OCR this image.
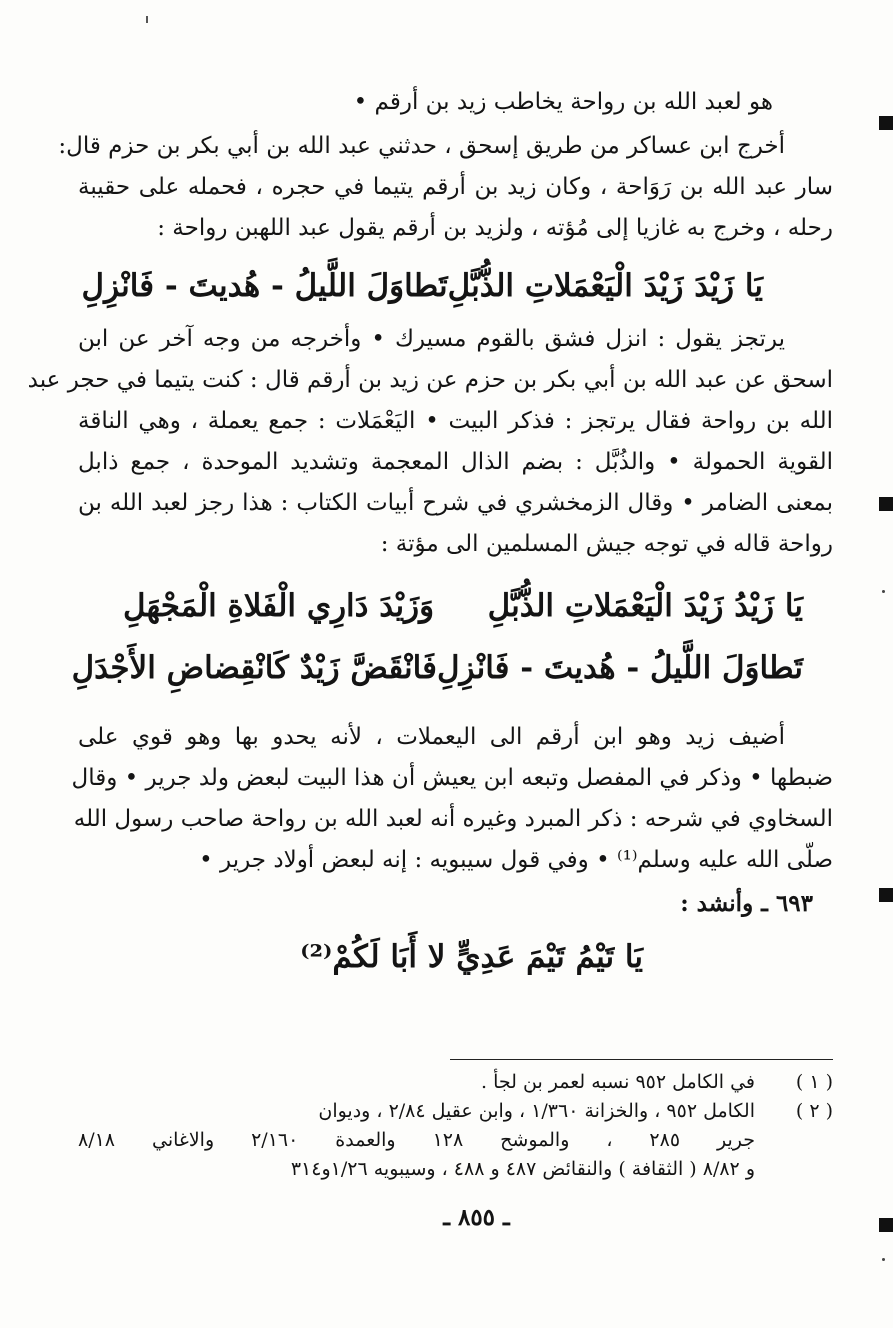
هو لعبد الله بن رواحة يخاطب زيد بن أرقم •
أخرج ابن عساكر من طريق إسحق ، حدثني عبد الله بن أبي بكر بن حزم قال:
سار عبد الله بن رَوَاحة ، وكان زيد بن أرقم يتيما في حجره ، فحمله على حقيبة
رحله ، وخرج به غازيا إلى مُؤته ، ولزيد بن أرقم يقول عبد اللهبن رواحة :
يَا زَيْدَ زَيْدَ الْيَعْمَلاتِ الذُّبَّلِ
تَطاوَلَ اللَّيلُ - هُديتَ - فَانْزِلِ
يرتجز يقول : انزل فشق بالقوم مسيرك • وأخرجه من وجه آخر عن ابن
اسحق عن عبد الله بن أبي بكر بن حزم عن زيد بن أرقم قال : كنت يتيما في حجر عبد
الله بن رواحة فقال يرتجز : فذكر البيت • اليَعْمَلات : جمع يعملة ، وهي الناقة
القوية الحمولة • والذُبَّل : بضم الذال المعجمة وتشديد الموحدة ، جمع ذابل
بمعنى الضامر • وقال الزمخشري في شرح أبيات الكتاب : هذا رجز لعبد الله بن
رواحة قاله في توجه جيش المسلمين الى مؤتة :
يَا زَيْدُ زَيْدَ الْيَعْمَلاتِ الذُّبَّلِ
وَزَيْدَ دَارِي الْفَلاةِ الْمَجْهَلِ
تَطاوَلَ اللَّيلُ - هُديتَ - فَانْزِلِ
فَانْقَضَّ زَيْدٌ كَانْقِضاضِ الأَجْدَلِ
أضيف زيد وهو ابن أرقم الى اليعملات ، لأنه يحدو بها وهو قوي على
ضبطها • وذكر في المفصل وتبعه ابن يعيش أن هذا البيت لبعض ولد جرير • وقال
السخاوي في شرحه : ذكر المبرد وغيره أنه لعبد الله بن رواحة صاحب رسول الله
صلّى الله عليه وسلم⁽¹⁾ • وفي قول سيبويه : إنه لبعض أولاد جرير •
٦٩٣ ـ وأنشد :
يَا تَيْمُ تَيْمَ عَدِيٍّ لا أَبَا لَكُمْ⁽²⁾
( ١ )
في الكامل ٩٥٢ نسبه لعمر بن لجأ .
( ٢ )
الكامل ٩٥٢ ، والخزانة ١/٣٦٠ ، وابن عقيل ٢/٨٤ ، وديوان
جرير ٢٨٥ ، والموشح ١٢٨ والعمدة ٢/١٦٠ والاغاني ٨/١٨
و ٨/٨٢ ( الثقافة ) والنقائض ٤٨٧ و ٤٨٨ ، وسيبويه ١/٢٦و٣١٤
ـ ٨٥٥ ـ
